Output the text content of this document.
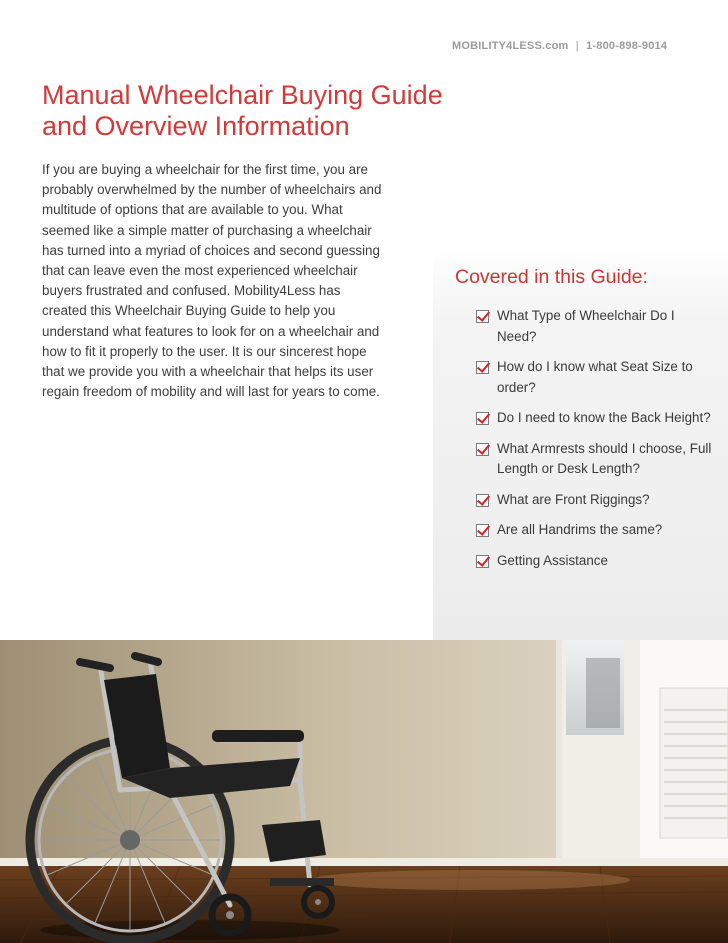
MOBILITY4LESS.com | 1-800-898-9014
Manual Wheelchair Buying Guide
and Overview Information

If you are buying a wheelchair for the first time, you are probably overwhelmed by the number of wheelchairs and multitude of options that are available to you. What seemed like a simple matter of purchasing a wheelchair has turned into a myriad of choices and second guessing that can leave even the most experienced wheelchair buyers frustrated and confused. Mobility4Less has created this Wheelchair Buying Guide to help you understand what features to look for on a wheelchair and how to fit it properly to the user. It is our sincerest hope that we provide you with a wheelchair that helps its user regain freedom of mobility and will last for years to come.

Covered in this Guide:
What Type of Wheelchair Do I Need?
How do I know what Seat Size to order?
Do I need to know the Back Height?
What Armrests should I choose, Full Length or Desk Length?
What are Front Riggings?
Are all Handrims the same?
Getting Assistance
